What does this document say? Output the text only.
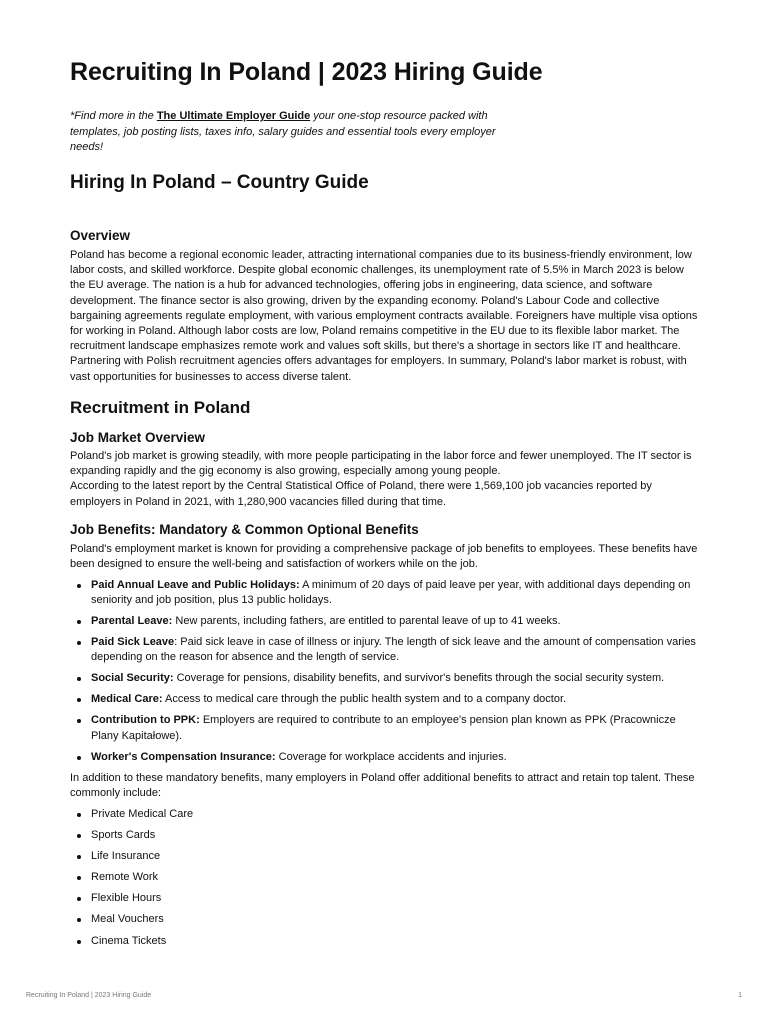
Recruiting In Poland | 2023 Hiring Guide

*Find more in the The Ultimate Employer Guide your one-stop resource packed with templates, job posting lists, taxes info, salary guides and essential tools every employer needs!

Hiring In Poland – Country Guide
Overview

Poland has become a regional economic leader, attracting international companies due to its business-friendly environment, low labor costs, and skilled workforce. Despite global economic challenges, its unemployment rate of 5.5% in March 2023 is below the EU average. The nation is a hub for advanced technologies, offering jobs in engineering, data science, and software development. The finance sector is also growing, driven by the expanding economy. Poland's Labour Code and collective bargaining agreements regulate employment, with various employment contracts available. Foreigners have multiple visa options for working in Poland. Although labor costs are low, Poland remains competitive in the EU due to its flexible labor market. The recruitment landscape emphasizes remote work and values soft skills, but there's a shortage in sectors like IT and healthcare. Partnering with Polish recruitment agencies offers advantages for employers. In summary, Poland's labor market is robust, with vast opportunities for businesses to access diverse talent.

Recruitment in Poland
Job Market Overview

Poland's job market is growing steadily, with more people participating in the labor force and fewer unemployed. The IT sector is expanding rapidly and the gig economy is also growing, especially among young people.
According to the latest report by the Central Statistical Office of Poland, there were 1,569,100 job vacancies reported by employers in Poland in 2021, with 1,280,900 vacancies filled during that time.

Job Benefits: Mandatory & Common Optional Benefits

Poland's employment market is known for providing a comprehensive package of job benefits to employees. These benefits have been designed to ensure the well-being and satisfaction of workers while on the job.

Paid Annual Leave and Public Holidays: A minimum of 20 days of paid leave per year, with additional days depending on seniority and job position, plus 13 public holidays.
Parental Leave: New parents, including fathers, are entitled to parental leave of up to 41 weeks.
Paid Sick Leave: Paid sick leave in case of illness or injury. The length of sick leave and the amount of compensation varies depending on the reason for absence and the length of service.
Social Security: Coverage for pensions, disability benefits, and survivor's benefits through the social security system.
Medical Care: Access to medical care through the public health system and to a company doctor.
Contribution to PPK: Employers are required to contribute to an employee's pension plan known as PPK (Pracownicze Plany Kapitałowe).
Worker's Compensation Insurance: Coverage for workplace accidents and injuries.

In addition to these mandatory benefits, many employers in Poland offer additional benefits to attract and retain top talent. These commonly include:

Private Medical Care
Sports Cards
Life Insurance
Remote Work
Flexible Hours
Meal Vouchers
Cinema Tickets
Recruiting In Poland | 2023 Hiring Guide	1
